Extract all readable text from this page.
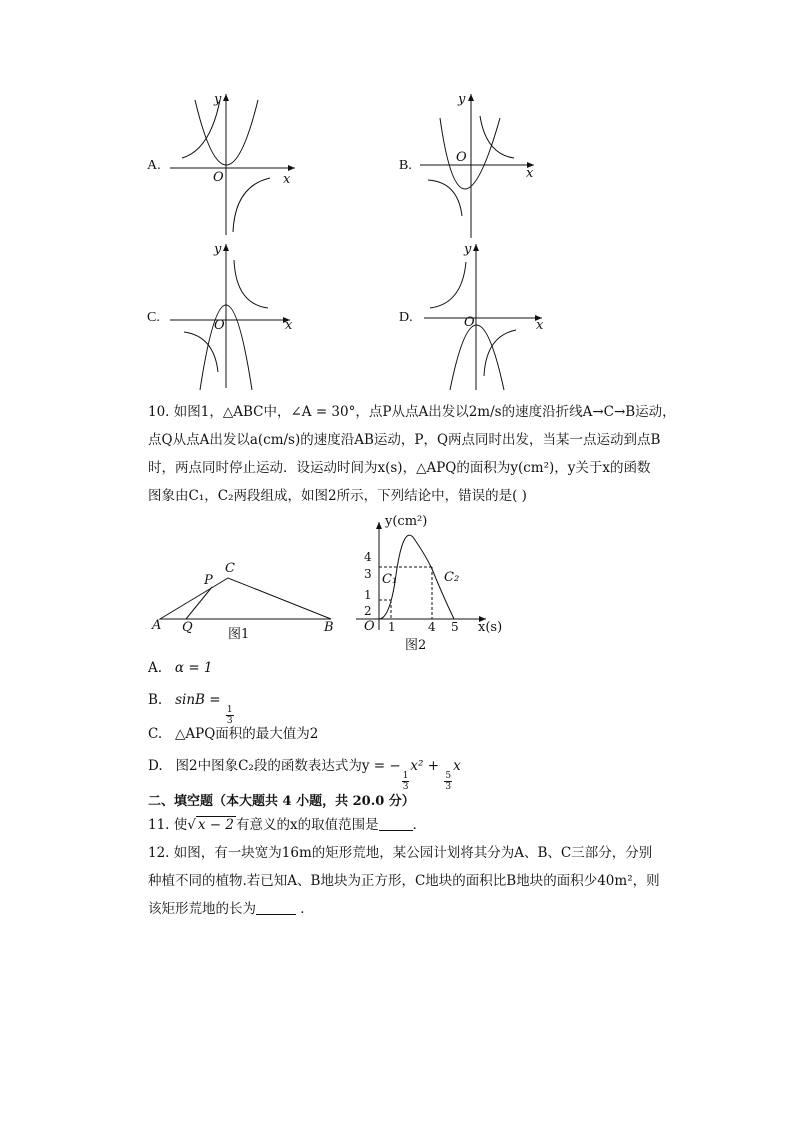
A.
y
O	x
B.
y
O
x
C.
y
O	x
D.
y
O	x
10. 如图1，△ABC中，∠A = 30°，点P从点A出发以2m/s的速度沿折线A→C→B运动，
点Q从点A出发以a(cm/s)的速度沿AB运动，P，Q两点同时出发，当某一点运动到点B
时，两点同时停止运动．设运动时间为x(s)，△APQ的面积为y(cm²)，y关于x的函数
图象由C₁，C₂两段组成，如图2所示，下列结论中，错误的是( )
A
C
B
P
Q	图1
y(cm²)
4
3
1
2
O 1	4 5 x(s)
C₁	C₂
图2
A. α = 1
B. sinB =
$\frac{1}{3}$
C. △APQ面积的最大值为2
D. 图2中图象C₂段的函数表达式为y = −
$\frac{1}{3}$
x² +
$\frac{5}{3}$
x
二、填空题（本大题共 4 小题，共 20.0 分）
11. 使√ x − 2 有意义的x的取值范围是	．
12. 如图，有一块宽为16m的矩形荒地，某公园计划将其分为A、B、C三部分，分别
种植不同的植物.若已知A、B地块为正方形，C地块的面积比B地块的面积少40m²，则
该矩形荒地的长为	．
